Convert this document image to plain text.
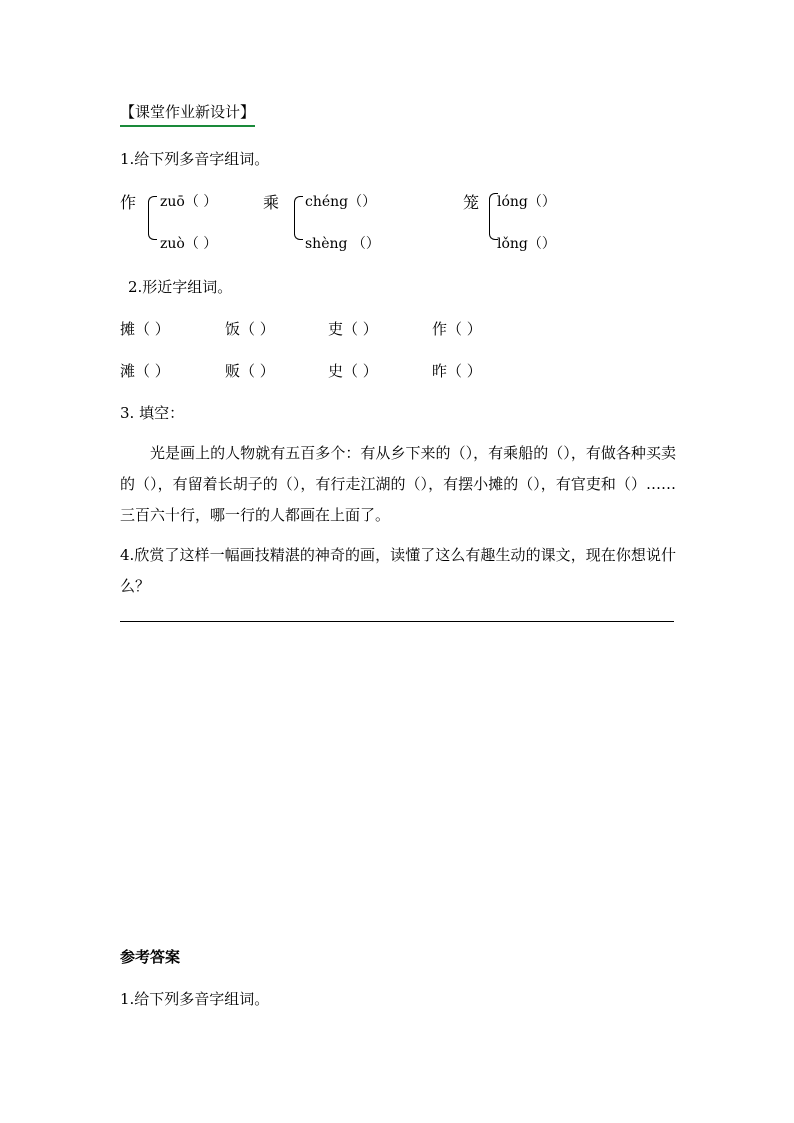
【课堂作业新设计】
1.给下列多音字组词。
作 zuō（ ）
zuò（ ）
乘 chéng（）
shèng （）
笼 lóng（）
lǒng（）
2.形近字组词。
摊（ ）	饭（ ）	吏（ ）	作（ ）
滩（ ）	贩（ ）	史（ ）	昨（ ）
3. 填空：
光是画上的人物就有五百多个：有从乡下来的（），有乘船的（），有做各种买卖的（），有留着长胡子的（），有行走江湖的（），有摆小摊的（），有官吏和（）……三百六十行，哪一行的人都画在上面了。
4.欣赏了这样一幅画技精湛的神奇的画，读懂了这么有趣生动的课文，现在你想说什么？
参考答案
1.给下列多音字组词。
